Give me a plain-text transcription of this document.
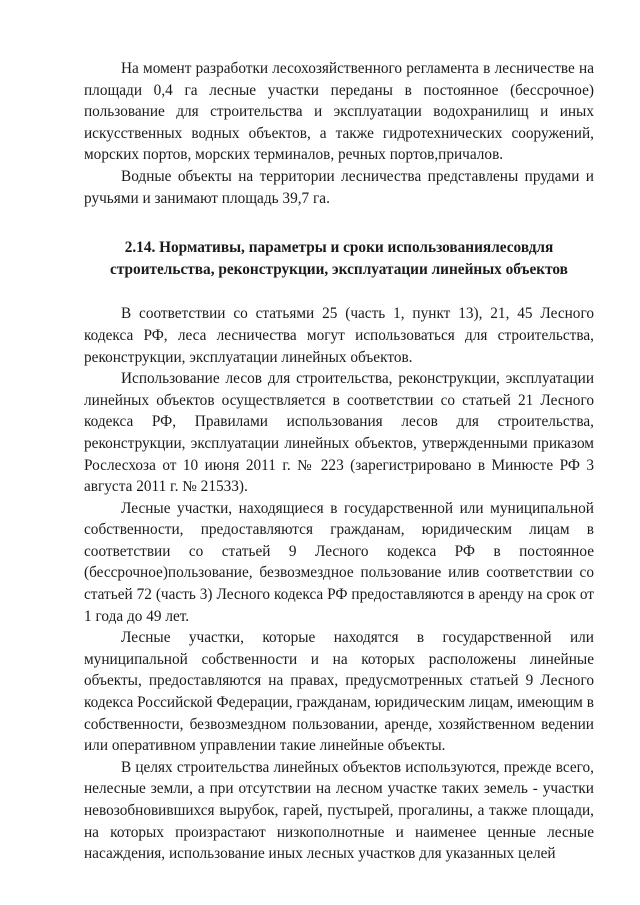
На момент разработки лесохозяйственного регламента в лесничестве на площади 0,4 га лесные участки переданы в постоянное (бессрочное) пользование для строительства и эксплуатации водохранилищ и иных искусственных водных объектов, а также гидротехнических сооружений, морских портов, морских терминалов, речных портов,причалов.

Водные объекты на территории лесничества представлены прудами и ручьями и занимают площадь 39,7 га.

2.14. Нормативы, параметры и сроки использованиялесовдля
строительства, реконструкции, эксплуатации линейных объектов

В соответствии со статьями 25 (часть 1, пункт 13), 21, 45 Лесного кодекса РФ, леса лесничества могут использоваться для строительства, реконструкции, эксплуатации линейных объектов.

Использование лесов для строительства, реконструкции, эксплуатации линейных объектов осуществляется в соответствии со статьей 21 Лесного кодекса РФ, Правилами использования лесов для строительства, реконструкции, эксплуатации линейных объектов, утвержденными приказом Рослесхоза от 10 июня 2011 г. № 223 (зарегистрировано в Минюсте РФ 3 августа 2011 г. № 21533).

Лесные участки, находящиеся в государственной или муниципальной собственности, предоставляются гражданам, юридическим лицам в соответствии со статьей 9 Лесного кодекса РФ в постоянное (бессрочное)пользование, безвозмездное пользование илив соответствии со статьей 72 (часть 3) Лесного кодекса РФ предоставляются в аренду на срок от 1 года до 49 лет.

Лесные участки, которые находятся в государственной или муниципальной собственности и на которых расположены линейные объекты, предоставляются на правах, предусмотренных статьей 9 Лесного кодекса Российской Федерации, гражданам, юридическим лицам, имеющим в собственности, безвозмездном пользовании, аренде, хозяйственном ведении или оперативном управлении такие линейные объекты.

В целях строительства линейных объектов используются, прежде всего, нелесные земли, а при отсутствии на лесном участке таких земель - участки невозобновившихся вырубок, гарей, пустырей, прогалины, а также площади, на которых произрастают низкополнотные и наименее ценные лесные насаждения, использование иных лесных участков для указанных целей
